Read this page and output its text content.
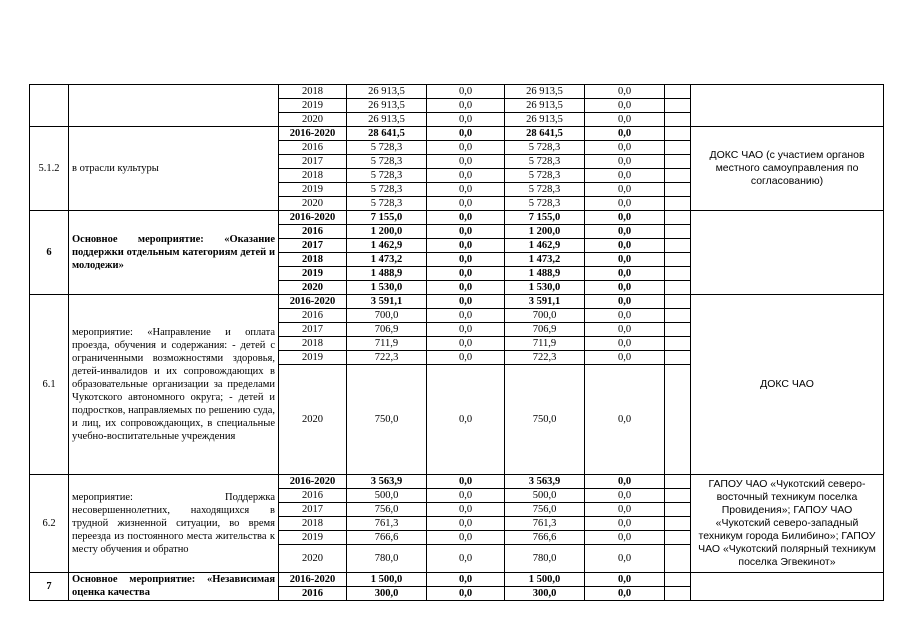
		2018	26 913,5	0,0	26 913,5	0,0		
		2019	26 913,5	0,0	26 913,5	0,0		
		2020	26 913,5	0,0	26 913,5	0,0		
5.1.2	в отрасли культуры	2016-2020	28 641,5	0,0	28 641,5	0,0		ДОКС ЧАО (с участием органов местного самоуправления по согласованию)
		2016	5 728,3	0,0	5 728,3	0,0		
		2017	5 728,3	0,0	5 728,3	0,0		
		2018	5 728,3	0,0	5 728,3	0,0		
		2019	5 728,3	0,0	5 728,3	0,0		
		2020	5 728,3	0,0	5 728,3	0,0		
6	Основное мероприятие: «Оказание поддержки отдельным категориям детей и молодежи»	2016-2020	7 155,0	0,0	7 155,0	0,0		
		2016	1 200,0	0,0	1 200,0	0,0		
		2017	1 462,9	0,0	1 462,9	0,0		
		2018	1 473,2	0,0	1 473,2	0,0		
		2019	1 488,9	0,0	1 488,9	0,0		
		2020	1 530,0	0,0	1 530,0	0,0		
6.1	мероприятие: «Направление и оплата проезда, обучения и содержания: - детей с ограниченными возможностями здоровья, детей-инвалидов и их сопровождающих в образовательные организации за пределами Чукотского автономного округа; - детей и подростков, направляемых по решению суда, и лиц, их сопровождающих, в специальные учебно-воспитательные учреждения	2016-2020	3 591,1	0,0	3 591,1	0,0		ДОКС ЧАО
		2016	700,0	0,0	700,0	0,0		
		2017	706,9	0,0	706,9	0,0		
		2018	711,9	0,0	711,9	0,0		
		2019	722,3	0,0	722,3	0,0		
		2020	750,0	0,0	750,0	0,0		
6.2	мероприятие: Поддержка несовершеннолетних, находящихся в трудной жизненной ситуации, во время переезда из постоянного места жительства к месту обучения и обратно	2016-2020	3 563,9	0,0	3 563,9	0,0		ГАПОУ ЧАО «Чукотский северо-восточный техникум поселка Провидения»; ГАПОУ ЧАО «Чукотский северо-западный техникум города Билибино»; ГАПОУ ЧАО «Чукотский полярный техникум поселка Эгвекинот»
		2016	500,0	0,0	500,0	0,0		
		2017	756,0	0,0	756,0	0,0		
		2018	761,3	0,0	761,3	0,0		
		2019	766,6	0,0	766,6	0,0		
		2020	780,0	0,0	780,0	0,0		
7	Основное мероприятие: «Независимая оценка качества	2016-2020	1 500,0	0,0	1 500,0	0,0		
		2016	300,0	0,0	300,0	0,0		
